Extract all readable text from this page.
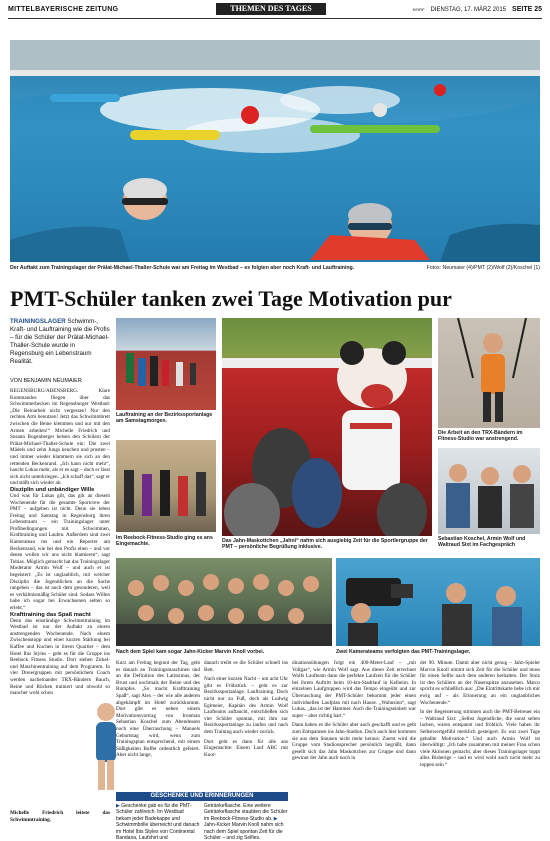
MITTELBAYERISCHE ZEITUNG	THEMEN DES TAGES	KEIRF DIENSTAG, 17. MÄRZ 2015 SEITE 25
Der Auftakt zum Trainingslager der Prälat-Michael-Thaller-Schule war am Freitag im Westbad – es folgten aber noch Kraft- und Lauftraining.	Fotos: Neumaier (4)/PMT (2)/Wolf (2)/Koschel (1)
PMT-Schüler tanken zwei Tage Motivation pur
TRAININGSLAGER Schwimm-, Kraft- und Lauftraining wie die Profis – für die Schüler der Prälat-Michael-Thaller-Schule wurde in Regensburg ein Lebenstraum Realität.
VON BENJAMIN NEUMAIER
REGENSBURG/ABENSBERG. Klare Kommandos fliegen über das Schwimmerbecken im Regensburger Westbad: „Die Beinarbeit nicht vergessen! Nur den rechten Arm benutzen! Jetzt das Schwimmbrett zwischen die Beine klemmen und nur mit den Armen arbeiten!“ Michelle Friedrich und Susann Bogenberger helsen den Schülern der Prälat-Michael-Thaller-Schule ein: Die zwei Mädels und zehn Jungs keuchen und prusten – und immer wieder klammern sie sich an den rettenden Beckenrand. „Ich kann nicht mehr“, haucht Lukas mehr, als er es sagt – doch er lässt sich nicht unterkriegen. „Ich schaff das“, sagt er und stößt sich wieder ab.
Disziplin und unbändiger Wille
Und was für Lukas gilt, das gilt an diesem Wochenende für die gesamte Sportcrew der PMT – aufgeben ist nicht. Denn sie leben Freitag und Samstag in Regensburg ihren Lebenstraum – ein Trainingslager unter Profibedingungen mit Schwimmen, Krafttraining und Laufen. Außerdem sind zwei Kameratean ms und ein Reporter am Beckenrand, wie bei den Profis eben – und vor denen wollen wir uns nicht blamieren“, sagt Tobias. Möglich gemacht hat das Trainingslager Moderator Armin Wolf – und auch er ist begeistert: „Es ist unglaublich, mit welcher Disziplin die Jugendlichen an die Sache rangehen – das ist auch dem gesonderen, weil es verhältnismäßig Schüler sind. Sodass Willen habe ich sogar bei Erwachsenen selten so erlebt.“
Krafttraining das Spaß macht
Denn das einstündige Schwimmtraining im Westbad ist nur der Auftakt zu einem anstrengenden Wochenende. Nach einem Zwischenstopp und einer kurzen Stärkung bei Kaffee und Kuchen in ihrem Quartier – dem Hotel Ibis Styles – geht es für die Gruppe ins Reebock Fitness Studio. Dort stehen Zirkel- und Maschinentraining auf dem Programm. In vier Dreiergruppen mit persönlichem Coach werden nacheinander TRX-Bändern Bauch, Beine und Rücken trainiert und obwohl so mancher wohl schon
Michelle Friedrich leitete das Schwimmtraining.
Lauftraining an der Bezirkssportanlage am Samstagmorgen.
Das Jahn-Maskottchen „Jahni“ nahm sich ausgiebig Zeit für die Sportlergruppe der PMT – persönliche Begrüßung inklusive.
Die Arbeit an den TRX-Bändern im Fitness-Studio war anstrengend.
Im Reebock-Fitness-Studio ging es ans Eingemachte.
Sebastian Koschel, Armin Wolf und Waltraud Sixt im Fachgespräch
Nach dem Spiel kam sogar Jahn-Kicker Marvin Knoll vorbei.	Zwei Kamerateams verfolgten das PMT-Trainingslager.
Kurz am Freitag beginnt der Tag, geht es danach an Trainingsmaschinen und an die Definition des Latissimus, der Brust und nochmals der Beine und des Rumpfes. „So macht Krafttraining Spaß“, sagt Alex – der wie alle anderen abgekämpft im Hotel zurückkommt. Dort gibt es neben einem Motivationsvortrag von Ironman Sebastian Koschel zum Abendessen noch eine Überraschung – Manuels Geburtstag wird, wenn zum Trainingsplan entsprechend, mit einem Süßigkeiten Buffet ordentlich gefeiert. Aber nicht lange,
danach treibt es die Schüler schnell ins Bett.
Nach einer kurzen Nacht – um acht Uhr gibt es Frühstück – geht es zur Bezirkssportanlage. Lauftraining. Doch nicht nur zu Fuß, doch als Ludwig Eglmeier, Kapitän des Armin Wolf Laufteams auftaucht, entschließen sich vier Schüler spontan, mit ihm zur Bezirkssportanlage zu laufen und nach dem Training auch wieder zurück.
Dort geht es dann für alle ans Eingemachte: Einem Lauf ABC mit Koor-
dinationsübungen folgt ein 400-Meter-Lauf – „mit Vollgas“, wie Armin Wolf sagt. Aus dieser Zeit errechnet Wolfs Laufteam dann die perfekte Laufzeit für die Schüler bei ihrem Auftritt beim 10-km-Stadtlauf in Kelheim. In einzelnen Laufgruppen wird das Tempo eingeübt und zur Überraschung der PMT-Schüler bekommt jeder einen individuellen Laufplan mit nach Hause. „Wahnsinn“, sagt Lukas, „das ist der Hammer. Auch die Trainingseinheit war super – aber richtig hart.“
Dann haben es die Schüler aber auch geschafft und es geht zum Entspannen ins Jahn-Stadion. Doch auch hier kommen sie aus dem Staunen nicht mehr heraus: Zuerst wird die Gruppe vom Stadionsprecher persönlich begrüßt, dann gesellt sich das Jahn Maskottchen zur Gruppe und dann gewinnt der Jahn auch noch in
der 90. Minute. Damit aber nicht genug – Jahn-Spieler Marvin Knoll nimmt sich Zeit für die Schüler und muss für einen Selfie nach dem anderen herhalten. Der Stolz ist den Schülern an der Nasenspitze anzusehen. Marco spricht es schließlich aus: „Die Eintrittskarte hebe ich mir ewig auf – als Erinnerung an ein unglaubliches Wochenende.“
In der Begeisterung stimmen auch die PMT-Betreuer ein – Waltraud Sixt: „Selbst Jugendliche, die sonst selten lachen, waren entspannt und fröhlich. Viele haben ihr Selbstwertgefühl merklich gesteigert. Es war zwei Tage geballte Motivation.“ Und auch Armin Wolf ist überwältigt: „Ich habe zusammen mit meiner Frau schon viele Aktionen gemacht, aber dieses Trainingslager toppt alles Bisherige – und es wird wohl auch nicht mehr zu toppen sein.“
GESCHENKE UND ERINNERUNGEN
▶ Geschenke gab es für die PMT-Schüler zahlreich. Im Westbad bekam jeder Badekappe und Schwimmbrille überreicht und danach im Hotel Ibis Styles von Continental Bandana, Laufshirt und
Getränkeflasche. Eine weitere Getränkeflasche staubten die Schüler im Reebock-Fitness-Studio ab. ▶ Jahn-Kicker Marvin Knoll nahm sich nach dem Spiel spontan Zeit für die Schüler – und zig Selfies.
